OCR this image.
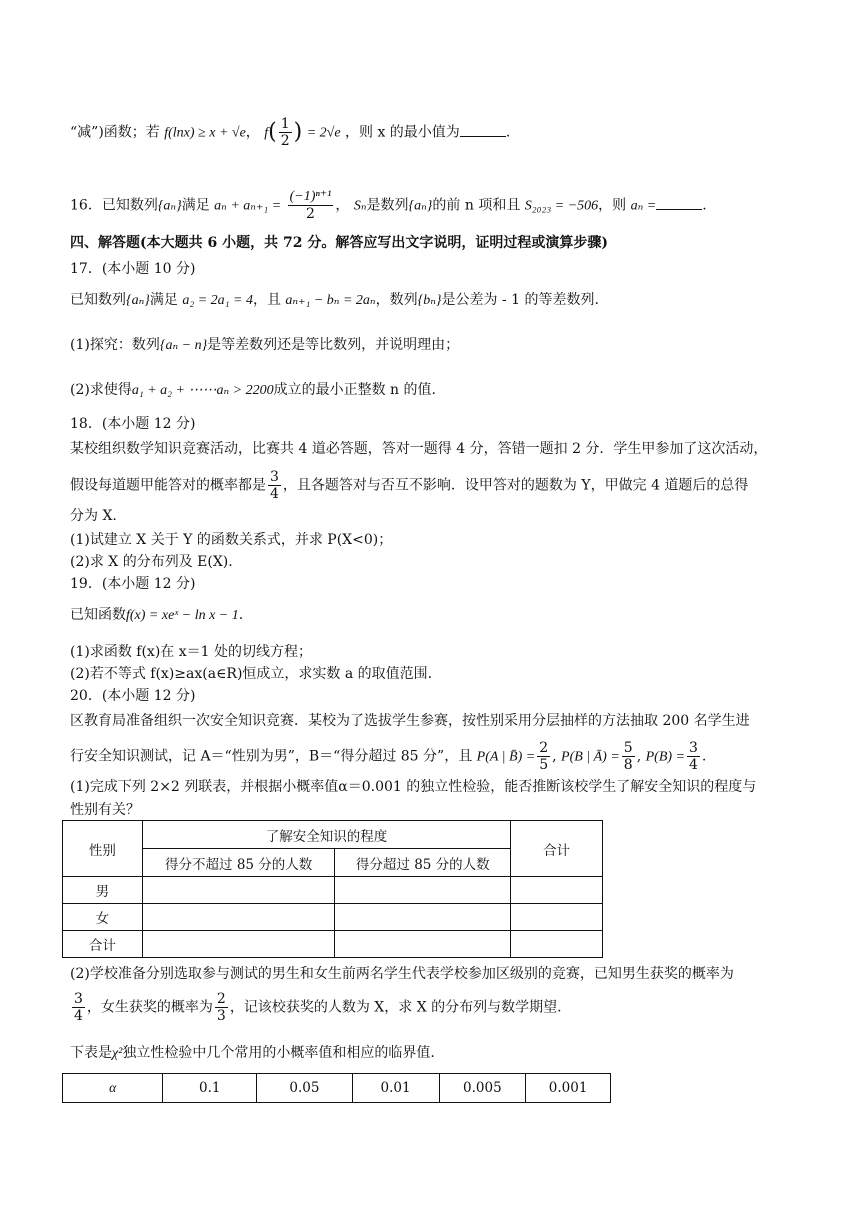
“减”)函数；若 f(lnx) ≥ x + √e， $f( \frac{1}{2}$ ) = 2√e ，则 x 的最小值为	.
16．已知数列{aₙ}满足 $a_n + a_{n+1} = \frac{\text{(−1)ⁿ⁺¹}}{2}$ ， Sₙ是数列{aₙ}的前 n 项和且 S₂₀₂₃ = −506，则 aₙ =	.
四、解答题(本大题共 6 小题，共 72 分。解答应写出文字说明，证明过程或演算步骤)
17．(本小题 10 分)
已知数列{aₙ}满足 a₂ = 2a₁ = 4，且 aₙ₊₁ − bₙ = 2aₙ，数列{bₙ}是公差为 - 1 的等差数列.
(1)探究：数列{aₙ − n}是等差数列还是等比数列，并说明理由；
(2)求使得a₁ + a₂ + ⋯⋯aₙ > 2200成立的最小正整数 n 的值.
18．(本小题 12 分)
某校组织数学知识竞赛活动，比赛共 4 道必答题，答对一题得 4 分，答错一题扣 2 分．学生甲参加了这次活动，
假设每道题甲能答对的概率都是 $\frac{3}{4}$ ，且各题答对与否互不影响．设甲答对的题数为 Y，甲做完 4 道题后的总得
分为 X.
(1)试建立 X 关于 Y 的函数关系式，并求 P(X<0)；
(2)求 X 的分布列及 E(X).
19．(本小题 12 分)
已知函数f(x) = xeˣ − ln x − 1.
(1)求函数 f(x)在 x＝1 处的切线方程；
(2)若不等式 f(x)≥ax(a∈R)恒成立，求实数 a 的取值范围.
20．(本小题 12 分)
区教育局准备组织一次安全知识竞赛．某校为了选拔学生参赛，按性别采用分层抽样的方法抽取 200 名学生进
行安全知识测试，记 A＝“性别为男”，B＝“得分超过 85 分”，且 P(A | B̄) = $\frac{2}{5}$ , P(B | Ā) = $\frac{5}{8}$ , $P(B) = \frac{3}{4}$ .
(1)完成下列 2×2 列联表，并根据小概率值α＝0.001 的独立性检验，能否推断该校学生了解安全知识的程度与
性别有关？
性别	了解安全知识的程度		合计
	得分不超过 85 分的人数	得分超过 85 分的人数	
男			
女			
合计			
(2)学校准备分别选取参与测试的男生和女生前两名学生代表学校参加区级别的竞赛，已知男生获奖的概率为
$\frac{3}{4}$ ，女生获奖的概率为 $\frac{2}{3}$ ，记该校获奖的人数为 X，求 X 的分布列与数学期望.
下表是χ²独立性检验中几个常用的小概率值和相应的临界值.
α	0.1	0.05	0.01	0.005	0.001
